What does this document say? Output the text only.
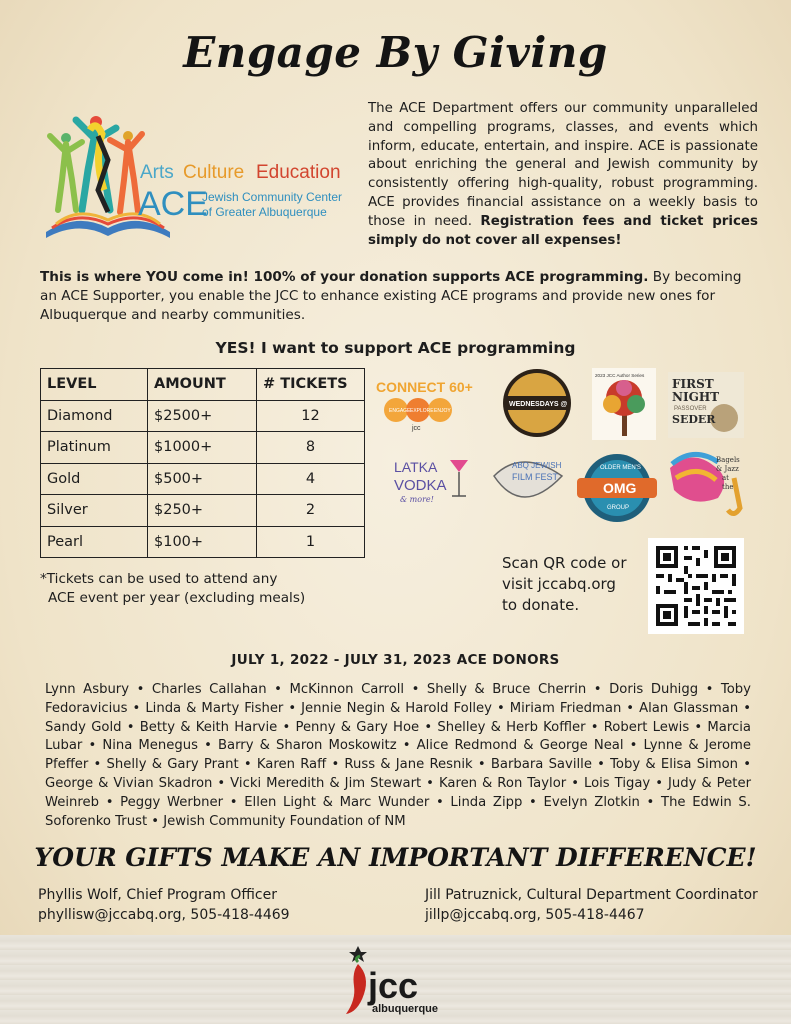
Engage By Giving
Arts Culture Education
ACE
Jewish Community Center
of Greater Albuquerque
The ACE Department offers our community unparalleled and compelling programs, classes, and events which inform, educate, entertain, and inspire. ACE is passionate about enriching the general and Jewish community by consistently offering high-quality, robust programming. ACE provides financial assistance on a weekly basis to those in need. Registration fees and ticket prices simply do not cover all expenses!
This is where YOU come in! 100% of your donation supports ACE programming. By becoming an ACE Supporter, you enable the JCC to enhance existing ACE programs and provide new ones for Albuquerque and nearby communities.
YES! I want to support ACE programming
LEVEL	AMOUNT	# TICKETS
Diamond	$2500+	12
Platinum	$1000+	8
Gold	$500+	4
Silver	$250+	2
Pearl	$100+	1
*Tickets can be used to attend any
ACE event per year (excluding meals)
CONNECT 60+
ENGAGE EXPLORE ENJOY
jcc
WEDNESDAYS @
2023 JCC Author Series
FIRST
NIGHT
PASSOVER
SEDER
LATKA
VODKA
& more!
ABQ JEWISH
FILM FEST
OLDER MEN'S
OMG
GROUP
Bagels
& Jazz
at
the
Scan QR code or
visit jccabq.org
to donate.
JULY 1, 2022 - JULY 31, 2023 ACE DONORS
Lynn Asbury • Charles Callahan • McKinnon Carroll • Shelly & Bruce Cherrin • Doris Duhigg • Toby Fedoravicius • Linda & Marty Fisher • Jennie Negin & Harold Folley • Miriam Friedman • Alan Glassman • Sandy Gold • Betty & Keith Harvie • Penny & Gary Hoe • Shelley & Herb Koffler • Robert Lewis • Marcia Lubar • Nina Menegus • Barry & Sharon Moskowitz • Alice Redmond & George Neal • Lynne & Jerome Pfeffer • Shelly & Gary Prant • Karen Raff • Russ & Jane Resnik • Barbara Saville • Toby & Elisa Simon • George & Vivian Skadron • Vicki Meredith & Jim Stewart • Karen & Ron Taylor • Lois Tigay • Judy & Peter Weinreb • Peggy Werbner • Ellen Light & Marc Wunder • Linda Zipp • Evelyn Zlotkin • The Edwin S. Soforenko Trust • Jewish Community Foundation of NM
YOUR GIFTS MAKE AN IMPORTANT DIFFERENCE!
Phyllis Wolf, Chief Program Officer
phyllisw@jccabq.org, 505-418-4469
Jill Patruznick, Cultural Department Coordinator
jillp@jccabq.org, 505-418-4467
jcc
albuquerque
